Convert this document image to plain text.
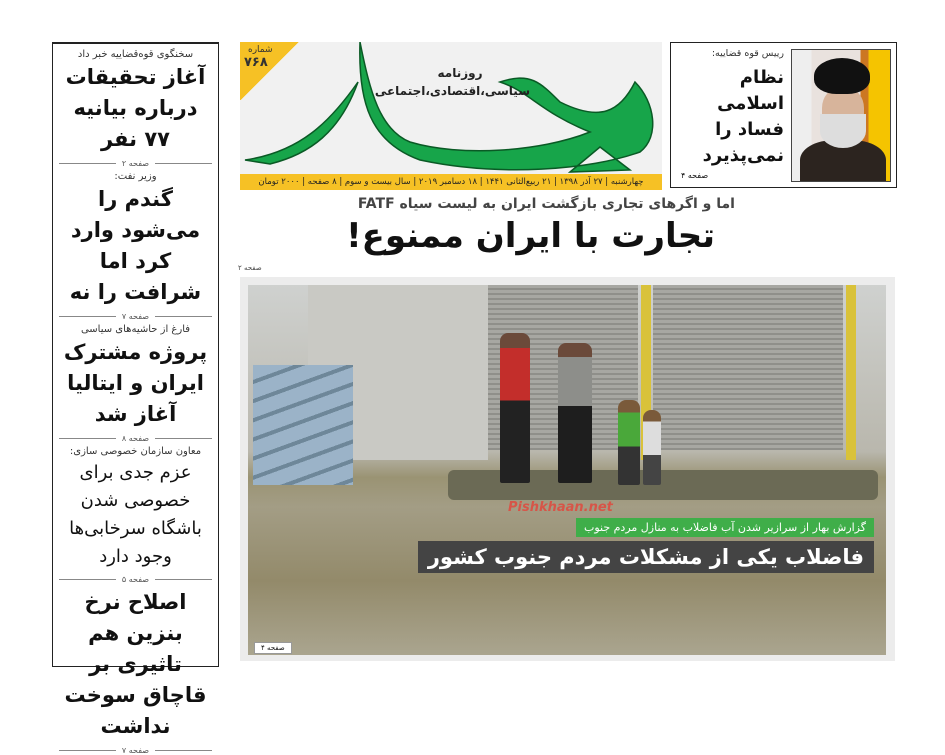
سخنگوی قوه‌قضاییه خبر داد
آغاز تحقیقات درباره بیانیه ۷۷ نفر
صفحه ۲
وزیر نفت:
گندم را می‌شود وارد کرد اما شرافت را نه
صفحه ۷
فارغ از حاشیه‌های سیاسی
پروژه مشترک ایران و ایتالیا آغاز شد
صفحه ۸
معاون سازمان خصوصی سازی:
عزم جدی برای خصوصی شدن باشگاه سرخابی‌ها وجود دارد
صفحه ۵
اصلاح نرخ بنزین هم تاثیری بر قاچاق سوخت نداشت
صفحه ۷
شماره
۷۶۸
روزنامه
سیاسی،اقتصادی،اجتماعی
چهارشنبه | ۲۷ آذر ۱۳۹۸ | ۲۱ ربیع‌الثانی ۱۴۴۱ | ۱۸ دسامبر ۲۰۱۹ | سال بیست و سوم | ۸ صفحه | ۲۰۰۰ تومان
رییس قوه قضاییه:
نظام اسلامی فساد را نمی‌پذیرد
صفحه ۴
اما و اگرهای تجاری بازگشت ایران به لیست سیاه FATF
تجارت با ایران ممنوع!
صفحه ۲
Pishkhaan.net
گزارش بهار از سرازیر شدن آب فاضلاب به منازل مردم جنوب
فاضلاب یکی از مشکلات مردم جنوب کشور
صفحه ۴
